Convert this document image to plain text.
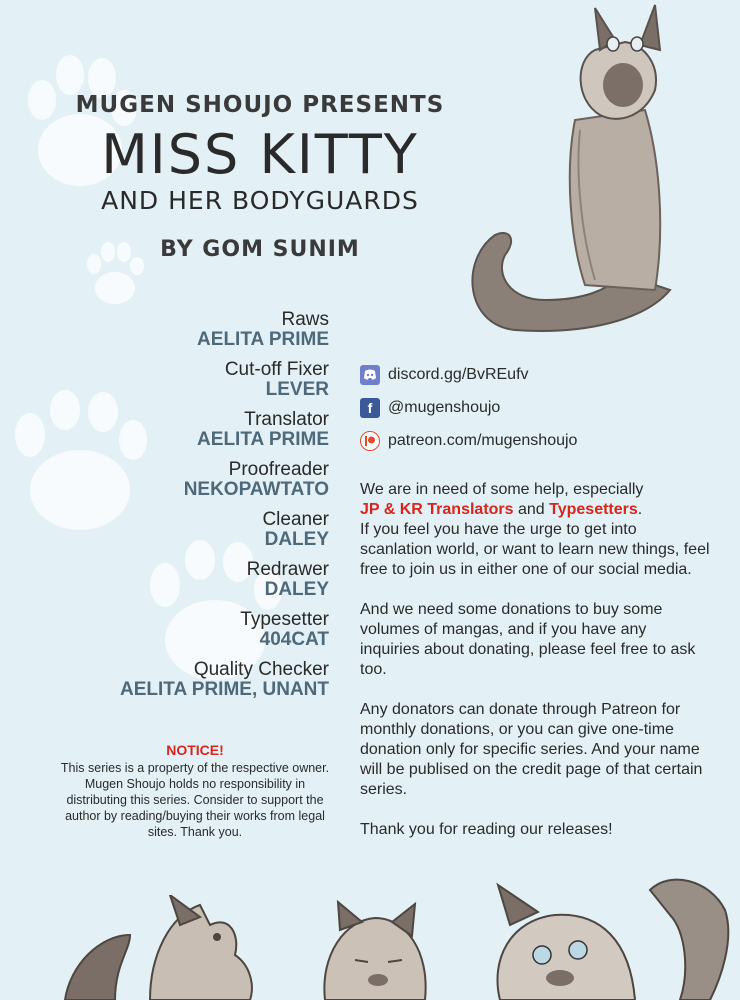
MUGEN SHOUJO PRESENTS
MISS KITTY
AND HER BODYGUARDS
BY GOM SUNIM
Raws
AELITA PRIME
Cut-off Fixer
LEVER
Translator
AELITA PRIME
Proofreader
NEKOPAWTATO
Cleaner
DALEY
Redrawer
DALEY
Typesetter
404CAT
Quality Checker
AELITA PRIME, UNANT
discord.gg/BvREufv
f @mugenshoujo
patreon.com/mugenshoujo

We are in need of some help, especially
JP & KR Translators and Typesetters.
If you feel you have the urge to get into scanlation world, or want to learn new things, feel free to join us in either one of our social media.

And we need some donations to buy some volumes of mangas, and if you have any inquiries about donating, please feel free to ask too.

Any donators can donate through Patreon for monthly donations, or you can give one-time donation only for specific series. And your name will be publised on the credit page of that certain series.

Thank you for reading our releases!

NOTICE!
This series is a property of the respective owner. Mugen Shoujo holds no responsibility in distributing this series. Consider to support the author by reading/buying their works from legal sites. Thank you.
